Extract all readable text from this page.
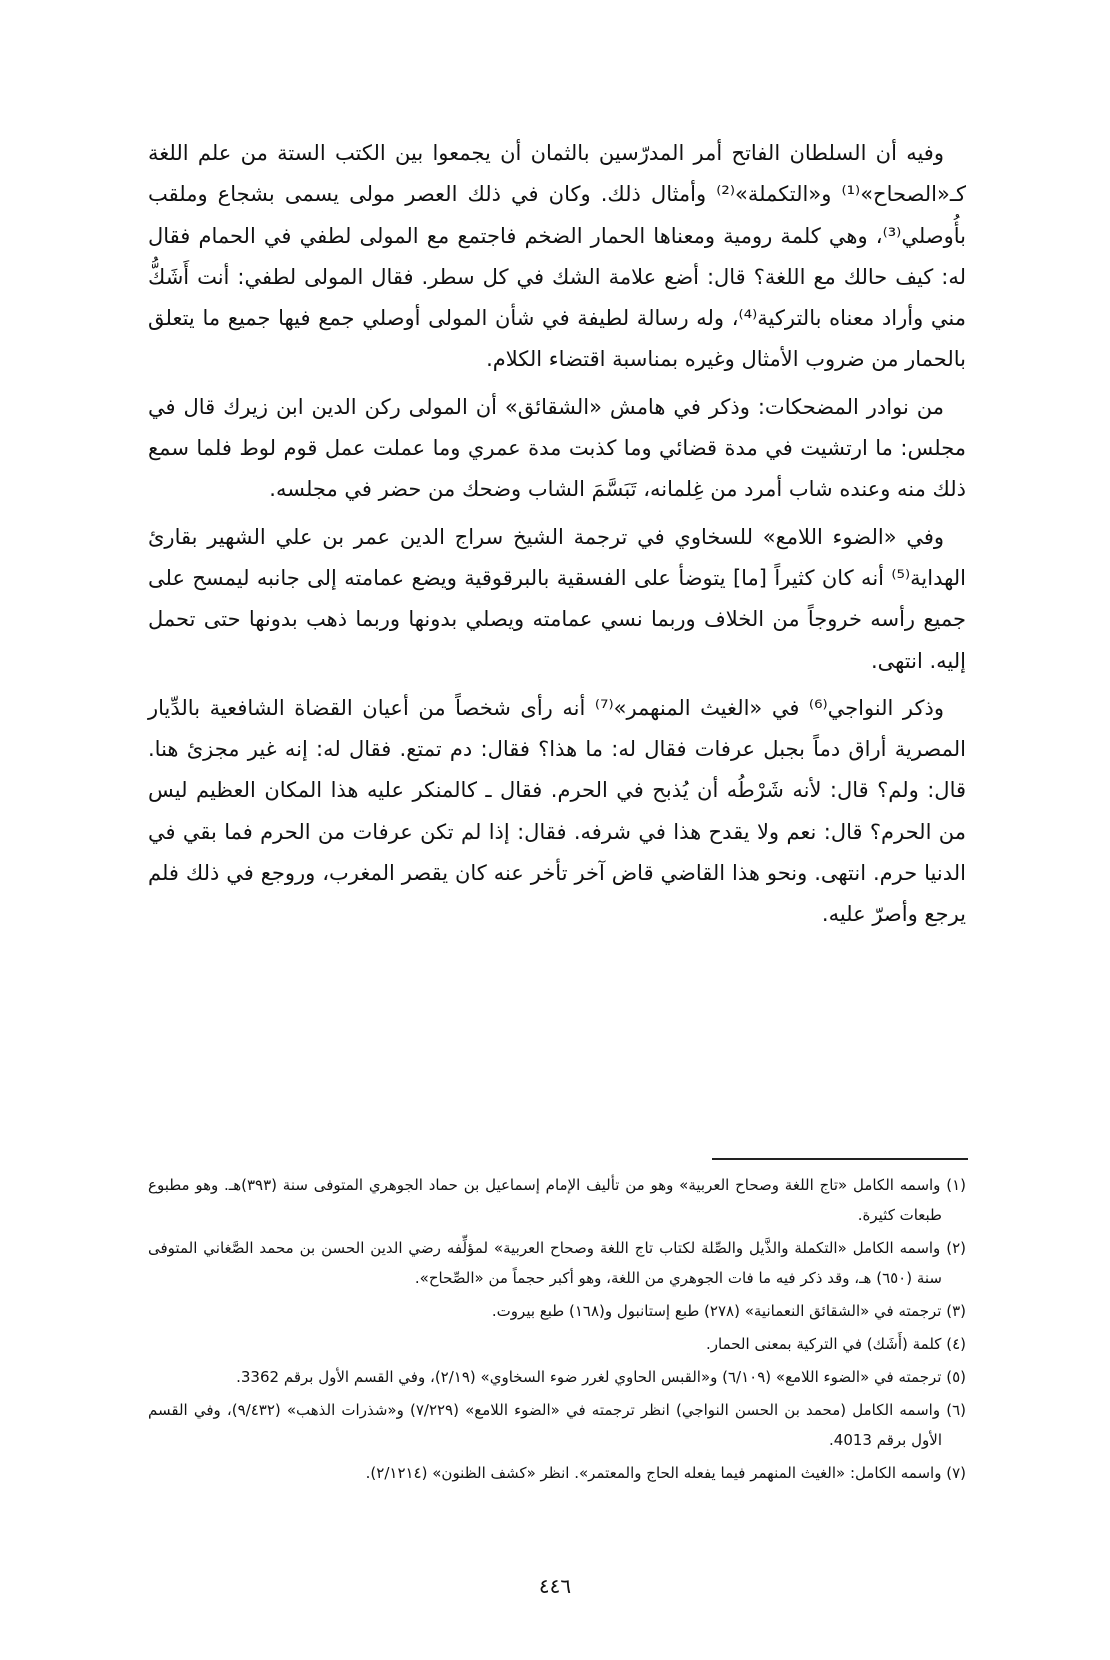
وفيه أن السلطان الفاتح أمر المدرّسين بالثمان أن يجمعوا بين الكتب الستة من علم اللغة كـ«الصحاح»⁽¹⁾ و«التكملة»⁽²⁾ وأمثال ذلك. وكان في ذلك العصر مولى يسمى بشجاع وملقب بأُوصلي⁽³⁾، وهي كلمة رومية ومعناها الحمار الضخم فاجتمع مع المولى لطفي في الحمام فقال له: كيف حالك مع اللغة؟ قال: أضع علامة الشك في كل سطر. فقال المولى لطفي: أنت أَشَكُّ مني وأراد معناه بالتركية⁽⁴⁾، وله رسالة لطيفة في شأن المولى أوصلي جمع فيها جميع ما يتعلق بالحمار من ضروب الأمثال وغيره بمناسبة اقتضاء الكلام.

من نوادر المضحكات: وذكر في هامش «الشقائق» أن المولى ركن الدين ابن زيرك قال في مجلس: ما ارتشيت في مدة قضائي وما كذبت مدة عمري وما عملت عمل قوم لوط فلما سمع ذلك منه وعنده شاب أمرد من غِلمانه، تَبَسَّمَ الشاب وضحك من حضر في مجلسه.

وفي «الضوء اللامع» للسخاوي في ترجمة الشيخ سراج الدين عمر بن علي الشهير بقارئ الهداية⁽⁵⁾ أنه كان كثيراً [ما] يتوضأ على الفسقية بالبرقوقية ويضع عمامته إلى جانبه ليمسح على جميع رأسه خروجاً من الخلاف وربما نسي عمامته ويصلي بدونها وربما ذهب بدونها حتى تحمل إليه. انتهى.

وذكر النواجي⁽⁶⁾ في «الغيث المنهمر»⁽⁷⁾ أنه رأى شخصاً من أعيان القضاة الشافعية بالدِّيار المصرية أراق دماً بجبل عرفات فقال له: ما هذا؟ فقال: دم تمتع. فقال له: إنه غير مجزئ هنا. قال: ولم؟ قال: لأنه شَرْطُه أن يُذبح في الحرم. فقال ـ كالمنكر عليه هذا المكان العظيم ليس من الحرم؟ قال: نعم ولا يقدح هذا في شرفه. فقال: إذا لم تكن عرفات من الحرم فما بقي في الدنيا حرم. انتهى. ونحو هذا القاضي قاض آخر تأخر عنه كان يقصر المغرب، وروجع في ذلك فلم يرجع وأصرّ عليه.

(١) واسمه الكامل «تاج اللغة وصحاح العربية» وهو من تأليف الإمام إسماعيل بن حماد الجوهري المتوفى سنة (٣٩٣)هـ. وهو مطبوع طبعات كثيرة.
(٢) واسمه الكامل «التكملة والذَّيل والصِّلة لكتاب تاج اللغة وصحاح العربية» لمؤلِّفه رضي الدين الحسن بن محمد الصَّغاني المتوفى سنة (٦٥٠) هـ، وقد ذكر فيه ما فات الجوهري من اللغة، وهو أكبر حجماً من «الصِّحاح».
(٣) ترجمته في «الشقائق النعمانية» (٢٧٨) طبع إستانبول و(١٦٨) طبع بيروت.
(٤) كلمة (أَشَك) في التركية بمعنى الحمار.
(٥) ترجمته في «الضوء اللامع» (٦/١٠٩) و«القبس الحاوي لغرر ضوء السخاوي» (٢/١٩)، وفي القسم الأول برقم 3362.
(٦) واسمه الكامل (محمد بن الحسن النواجي) انظر ترجمته في «الضوء اللامع» (٧/٢٢٩) و«شذرات الذهب» (٩/٤٣٢)، وفي القسم الأول برقم 4013.
(٧) واسمه الكامل: «الغيث المنهمر فيما يفعله الحاج والمعتمر». انظر «كشف الظنون» (٢/١٢١٤).
٤٤٦
